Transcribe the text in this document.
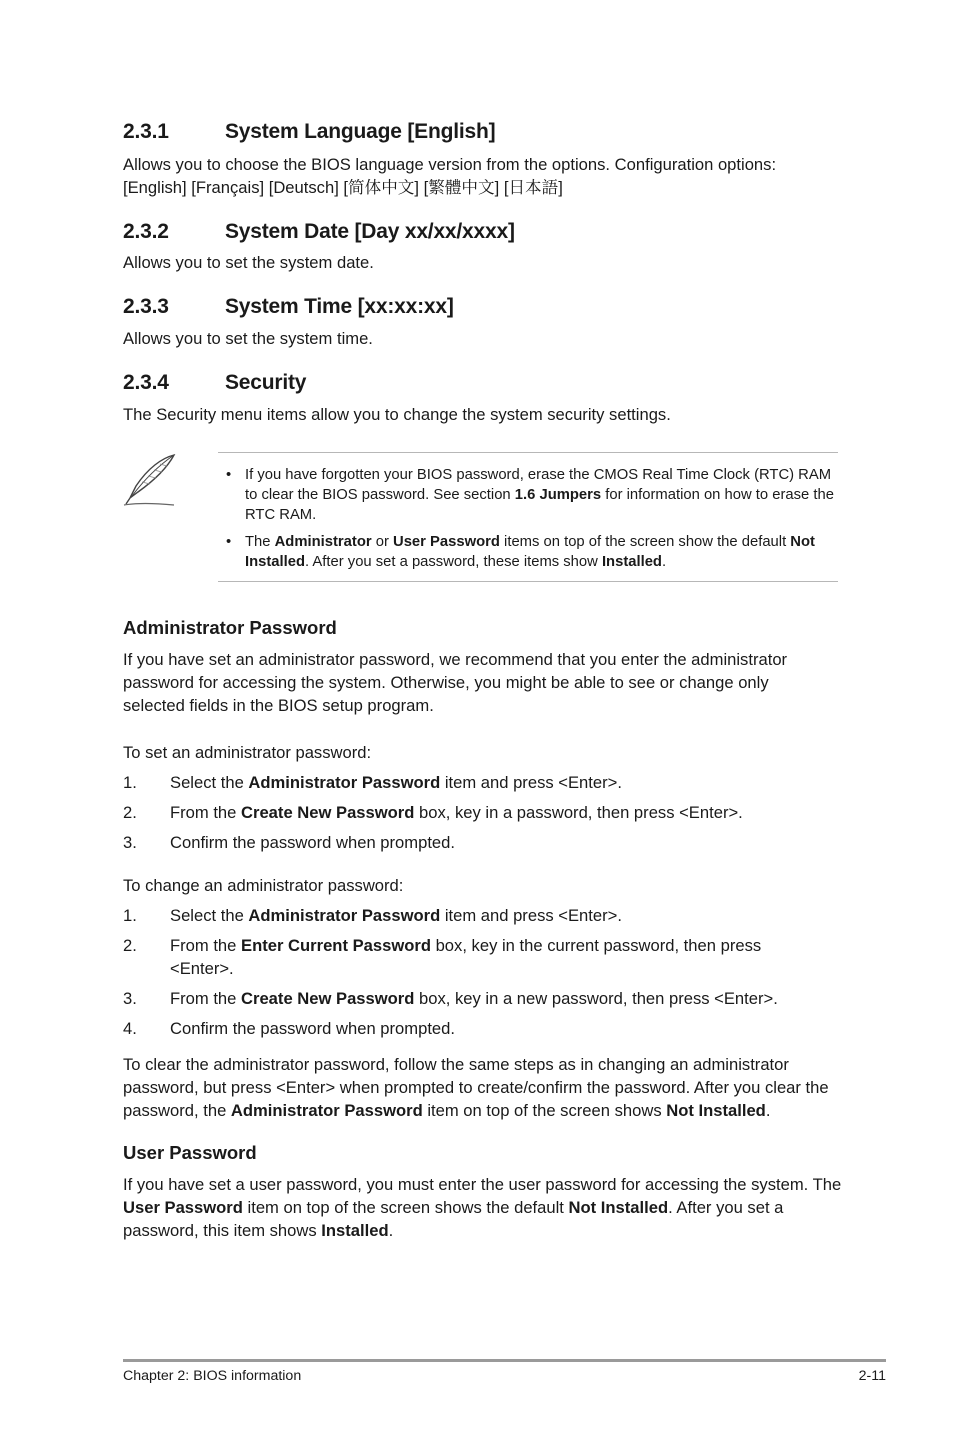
2.3.1	System Language [English]

Allows you to choose the BIOS language version from the options. Configuration options:
[English] [Français] [Deutsch] [简体中文] [繁體中文] [日本語]

2.3.2	System Date [Day xx/xx/xxxx]

Allows you to set the system date.

2.3.3	System Time [xx:xx:xx]

Allows you to set the system time.

2.3.4	Security

The Security menu items allow you to change the system security settings.

• If you have forgotten your BIOS password, erase the CMOS Real Time Clock (RTC) RAM to clear the BIOS password. See section 1.6 Jumpers for information on how to erase the RTC RAM.
• The Administrator or User Password items on top of the screen show the default Not Installed. After you set a password, these items show Installed.
Administrator Password

If you have set an administrator password, we recommend that you enter the administrator password for accessing the system. Otherwise, you might be able to see or change only selected fields in the BIOS setup program.

To set an administrator password:

1. Select the Administrator Password item and press <Enter>.
2. From the Create New Password box, key in a password, then press <Enter>.
3. Confirm the password when prompted.

To change an administrator password:

1. Select the Administrator Password item and press <Enter>.
2. From the Enter Current Password box, key in the current password, then press <Enter>.
3. From the Create New Password box, key in a new password, then press <Enter>.
4. Confirm the password when prompted.

To clear the administrator password, follow the same steps as in changing an administrator password, but press <Enter> when prompted to create/confirm the password. After you clear the password, the Administrator Password item on top of the screen shows Not Installed.

User Password

If you have set a user password, you must enter the user password for accessing the system. The User Password item on top of the screen shows the default Not Installed. After you set a password, this item shows Installed.

Chapter 2: BIOS information	2-11
